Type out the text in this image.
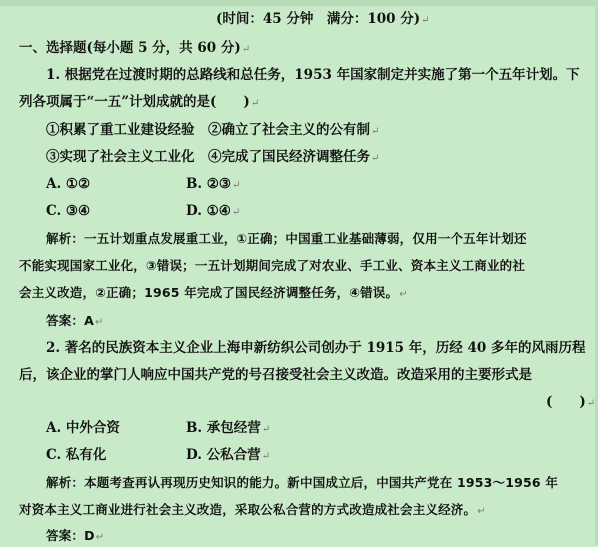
(时间：45 分钟　满分：100 分)↵
一、选择题(每小题 5 分，共 60 分)↵
1. 根据党在过渡时期的总路线和总任务，1953 年国家制定并实施了第一个五年计划。下
列各项属于“一五”计划成就的是(　　)↵
①积累了重工业建设经验　②确立了社会主义的公有制↵
③实现了社会主义工业化　④完成了国民经济调整任务↵
A. ①②	B. ②③↵
C. ③④	D. ①④↵
解析：一五计划重点发展重工业，①正确；中国重工业基础薄弱，仅用一个五年计划还
不能实现国家工业化，③错误；一五计划期间完成了对农业、手工业、资本主义工商业的社
会主义改造，②正确；1965 年完成了国民经济调整任务，④错误。↵
答案：A↵
2. 著名的民族资本主义企业上海申新纺织公司创办于 1915 年，历经 40 多年的风雨历程
后，该企业的掌门人响应中国共产党的号召接受社会主义改造。改造采用的主要形式是
(　　)↵
A. 中外合资	B. 承包经营↵
C. 私有化	D. 公私合营↵
解析：本题考查再认再现历史知识的能力。新中国成立后，中国共产党在 1953～1956 年
对资本主义工商业进行社会主义改造，采取公私合营的方式改造成社会主义经济。↵
答案：D↵
